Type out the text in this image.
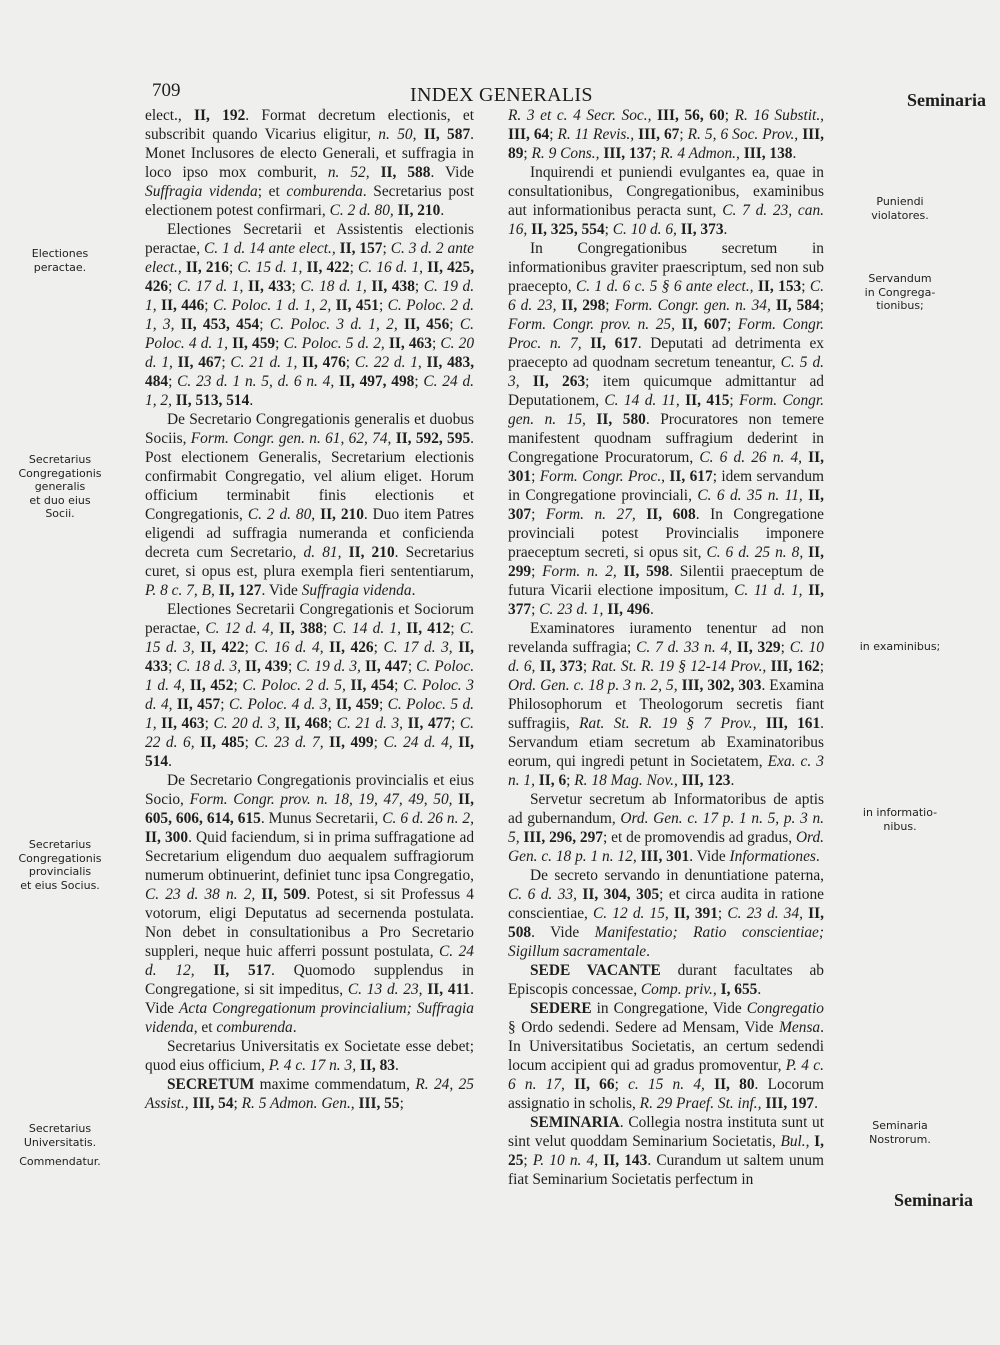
709	INDEX GENERALIS	Seminaria
Electiones
peractae.
Secretarius
Congregationis
generalis
et duo eius
Socii.
Secretarius
Congregationis
provincialis
et eius Socius.
Secretarius
Universitatis.
Commendatur.

elect., II, 192. Format decretum electionis, et subscribit quando Vicarius eligitur, n. 50, II, 587. Monet Inclusores de electo Generali, et suffragia in loco ipso mox comburit, n. 52, II, 588. Vide Suffragia videnda; et comburenda. Secretarius post electionem potest confirmari, C. 2 d. 80, II, 210.

Electiones Secretarii et Assistentis electionis peractae, C. 1 d. 14 ante elect., II, 157; C. 3 d. 2 ante elect., II, 216; C. 15 d. 1, II, 422; C. 16 d. 1, II, 425, 426; C. 17 d. 1, II, 433; C. 18 d. 1, II, 438; C. 19 d. 1, II, 446; C. Poloc. 1 d. 1, 2, II, 451; C. Poloc. 2 d. 1, 3, II, 453, 454; C. Poloc. 3 d. 1, 2, II, 456; C. Poloc. 4 d. 1, II, 459; C. Poloc. 5 d. 2, II, 463; C. 20 d. 1, II, 467; C. 21 d. 1, II, 476; C. 22 d. 1, II, 483, 484; C. 23 d. 1 n. 5, d. 6 n. 4, II, 497, 498; C. 24 d. 1, 2, II, 513, 514.

De Secretario Congregationis generalis et duobus Sociis, Form. Congr. gen. n. 61, 62, 74, II, 592, 595. Post electionem Generalis, Secretarium electionis confirmabit Congregatio, vel alium eliget. Horum officium terminabit finis electionis et Congregationis, C. 2 d. 80, II, 210. Duo item Patres eligendi ad suffragia numeranda et conficienda decreta cum Secretario, d. 81, II, 210. Secretarius curet, si opus est, plura exempla fieri sententiarum, P. 8 c. 7, B, II, 127. Vide Suffragia videnda.

Electiones Secretarii Congregationis et Sociorum peractae, C. 12 d. 4, II, 388; C. 14 d. 1, II, 412; C. 15 d. 3, II, 422; C. 16 d. 4, II, 426; C. 17 d. 3, II, 433; C. 18 d. 3, II, 439; C. 19 d. 3, II, 447; C. Poloc. 1 d. 4, II, 452; C. Poloc. 2 d. 5, II, 454; C. Poloc. 3 d. 4, II, 457; C. Poloc. 4 d. 3, II, 459; C. Poloc. 5 d. 1, II, 463; C. 20 d. 3, II, 468; C. 21 d. 3, II, 477; C. 22 d. 6, II, 485; C. 23 d. 7, II, 499; C. 24 d. 4, II, 514.

De Secretario Congregationis provincialis et eius Socio, Form. Congr. prov. n. 18, 19, 47, 49, 50, II, 605, 606, 614, 615. Munus Secretarii, C. 6 d. 26 n. 2, II, 300. Quid faciendum, si in prima suffragatione ad Secretarium eligendum duo aequalem suffragiorum numerum obtinuerint, definiet tunc ipsa Congregatio, C. 23 d. 38 n. 2, II, 509. Potest, si sit Professus 4 votorum, eligi Deputatus ad secernenda postulata. Non debet in consultationibus a Pro Secretario suppleri, neque huic afferri possunt postulata, C. 24 d. 12, II, 517. Quomodo supplendus in Congregatione, si sit impeditus, C. 13 d. 23, II, 411. Vide Acta Congregationum provincialium; Suffragia videnda, et comburenda.

Secretarius Universitatis ex Societate esse debet; quod eius officium, P. 4 c. 17 n. 3, II, 83.

SECRETUM maxime commendatum, R. 24, 25 Assist., III, 54; R. 5 Admon. Gen., III, 55;

R. 3 et c. 4 Secr. Soc., III, 56, 60; R. 16 Substit., III, 64; R. 11 Revis., III, 67; R. 5, 6 Soc. Prov., III, 89; R. 9 Cons., III, 137; R. 4 Admon., III, 138.

Inquirendi et puniendi evulgantes ea, quae in consultationibus, Congregationibus, examinibus aut informationibus peracta sunt, C. 7 d. 23, can. 16, II, 325, 554; C. 10 d. 6, II, 373.

In Congregationibus secretum in informationibus graviter praescriptum, sed non sub praecepto, C. 1 d. 6 c. 5 § 6 ante elect., II, 153; C. 6 d. 23, II, 298; Form. Congr. gen. n. 34, II, 584; Form. Congr. prov. n. 25, II, 607; Form. Congr. Proc. n. 7, II, 617. Deputati ad detrimenta ex praecepto ad quodnam secretum teneantur, C. 5 d. 3, II, 263; item quicumque admittantur ad Deputationem, C. 14 d. 11, II, 415; Form. Congr. gen. n. 15, II, 580. Procuratores non temere manifestent quodnam suffragium dederint in Congregatione Procuratorum, C. 6 d. 26 n. 4, II, 301; Form. Congr. Proc., II, 617; idem servandum in Congregatione provinciali, C. 6 d. 35 n. 11, II, 307; Form. n. 27, II, 608. In Congregatione provinciali potest Provincialis imponere praeceptum secreti, si opus sit, C. 6 d. 25 n. 8, II, 299; Form. n. 2, II, 598. Silentii praeceptum de futura Vicarii electione impositum, C. 11 d. 1, II, 377; C. 23 d. 1, II, 496.

Examinatores iuramento tenentur ad non revelanda suffragia; C. 7 d. 33 n. 4, II, 329; C. 10 d. 6, II, 373; Rat. St. R. 19 § 12-14 Prov., III, 162; Ord. Gen. c. 18 p. 3 n. 2, 5, III, 302, 303. Examina Philosophorum et Theologorum secretis fiant suffragiis, Rat. St. R. 19 § 7 Prov., III, 161. Servandum etiam secretum ab Examinatoribus eorum, qui ingredi petunt in Societatem, Exa. c. 3 n. 1, II, 6; R. 18 Mag. Nov., III, 123.

Servetur secretum ab Informatoribus de aptis ad gubernandum, Ord. Gen. c. 17 p. 1 n. 5, p. 3 n. 5, III, 296, 297; et de promovendis ad gradus, Ord. Gen. c. 18 p. 1 n. 12, III, 301. Vide Informationes.

De secreto servando in denuntiatione paterna, C. 6 d. 33, II, 304, 305; et circa audita in ratione conscientiae, C. 12 d. 15, II, 391; C. 23 d. 34, II, 508. Vide Manifestatio; Ratio conscientiae; Sigillum sacramentale.

SEDE VACANTE durant facultates ab Episcopis concessae, Comp. priv., I, 655.

SEDERE in Congregatione, Vide Congregatio § Ordo sedendi. Sedere ad Mensam, Vide Mensa. In Universitatibus Societatis, an certum sedendi locum accipient qui ad gradus promoventur, P. 4 c. 6 n. 17, II, 66; c. 15 n. 4, II, 80. Locorum assignatio in scholis, R. 29 Praef. St. inf., III, 197.

SEMINARIA. Collegia nostra instituta sunt ut sint velut quoddam Seminarium Societatis, Bul., I, 25; P. 10 n. 4, II, 143. Curandum ut saltem unum fiat Seminarium Societatis perfectum in

Puniendi
violatores.
Servandum
in Congrega-
tionibus;
in examinibus;
in informatio-
nibus.
Seminaria
Nostrorum.
Seminaria
